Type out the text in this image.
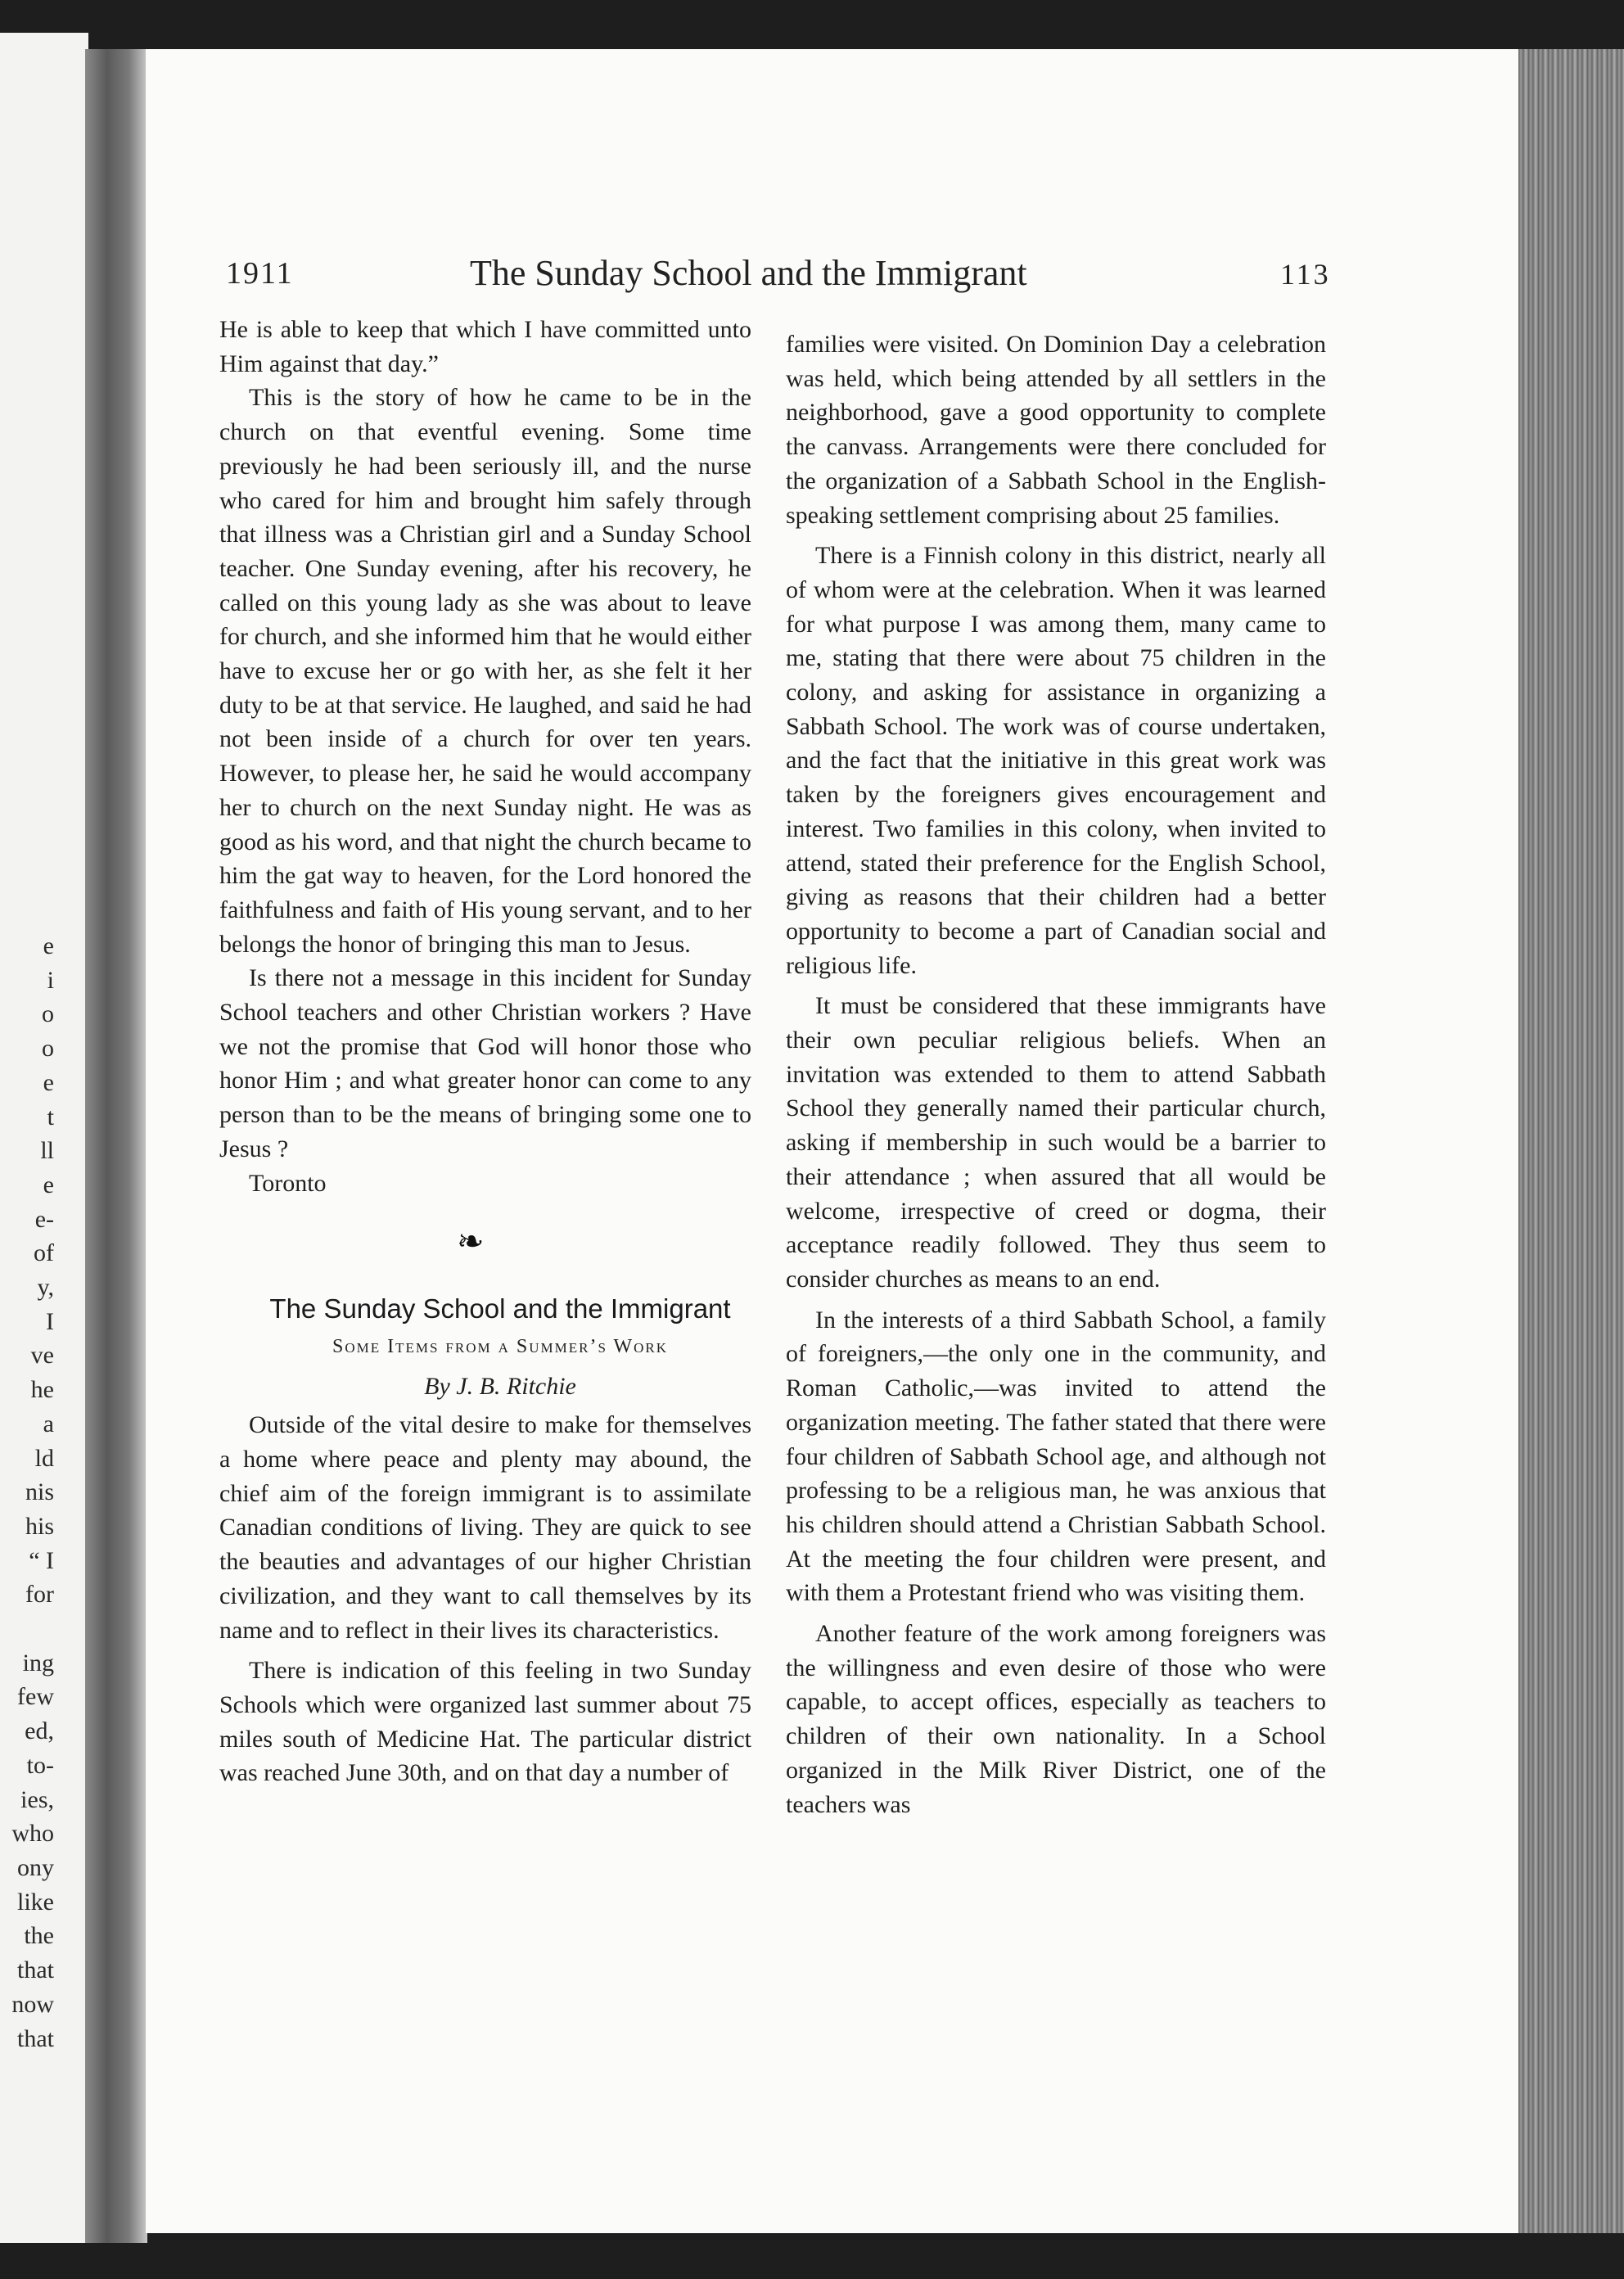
e
i
o
o
e
t
ll
e
e-
of
y,
I
ve
he
a
ld
nis
his
“ I
for

ing
few
ed,
to-
ies,
who
ony
like
the
that
now
that
1911	The Sunday School and the Immigrant	113

He is able to keep that which I have committed unto Him against that day.”

This is the story of how he came to be in the church on that eventful evening. Some time previously he had been seriously ill, and the nurse who cared for him and brought him safely through that illness was a Christian girl and a Sunday School teacher. One Sunday evening, after his recovery, he called on this young lady as she was about to leave for church, and she informed him that he would either have to excuse her or go with her, as she felt it her duty to be at that service. He laughed, and said he had not been inside of a church for over ten years. However, to please her, he said he would accompany her to church on the next Sunday night. He was as good as his word, and that night the church became to him the gat way to heaven, for the Lord honored the faithfulness and faith of His young servant, and to her belongs the honor of bringing this man to Jesus.

Is there not a message in this incident for Sunday School teachers and other Christian workers ? Have we not the promise that God will honor those who honor Him ; and what greater honor can come to any person than to be the means of bringing some one to Jesus ?

Toronto

❧

The Sunday School and the Immigrant

Some Items from a Summer’s Work

By J. B. Ritchie

Outside of the vital desire to make for themselves a home where peace and plenty may abound, the chief aim of the foreign immigrant is to assimilate Canadian conditions of living. They are quick to see the beauties and advantages of our higher Christian civilization, and they want to call themselves by its name and to reflect in their lives its characteristics.

There is indication of this feeling in two Sunday Schools which were organized last summer about 75 miles south of Medicine Hat. The particular district was reached June 30th, and on that day a number of

families were visited. On Dominion Day a celebration was held, which being attended by all settlers in the neighborhood, gave a good opportunity to complete the canvass. Arrangements were there concluded for the organization of a Sabbath School in the English-speaking settlement comprising about 25 families.

There is a Finnish colony in this district, nearly all of whom were at the celebration. When it was learned for what purpose I was among them, many came to me, stating that there were about 75 children in the colony, and asking for assistance in organizing a Sabbath School. The work was of course undertaken, and the fact that the initiative in this great work was taken by the foreigners gives encouragement and interest. Two families in this colony, when invited to attend, stated their preference for the English School, giving as reasons that their children had a better opportunity to become a part of Canadian social and religious life.

It must be considered that these immigrants have their own peculiar religious beliefs. When an invitation was extended to them to attend Sabbath School they generally named their particular church, asking if membership in such would be a barrier to their attendance ; when assured that all would be welcome, irrespective of creed or dogma, their acceptance readily followed. They thus seem to consider churches as means to an end.

In the interests of a third Sabbath School, a family of foreigners,—the only one in the community, and Roman Catholic,—was invited to attend the organization meeting. The father stated that there were four children of Sabbath School age, and although not professing to be a religious man, he was anxious that his children should attend a Christian Sabbath School. At the meeting the four children were present, and with them a Protestant friend who was visiting them.

Another feature of the work among foreigners was the willingness and even desire of those who were capable, to accept offices, especially as teachers to children of their own nationality. In a School organized in the Milk River District, one of the teachers was
